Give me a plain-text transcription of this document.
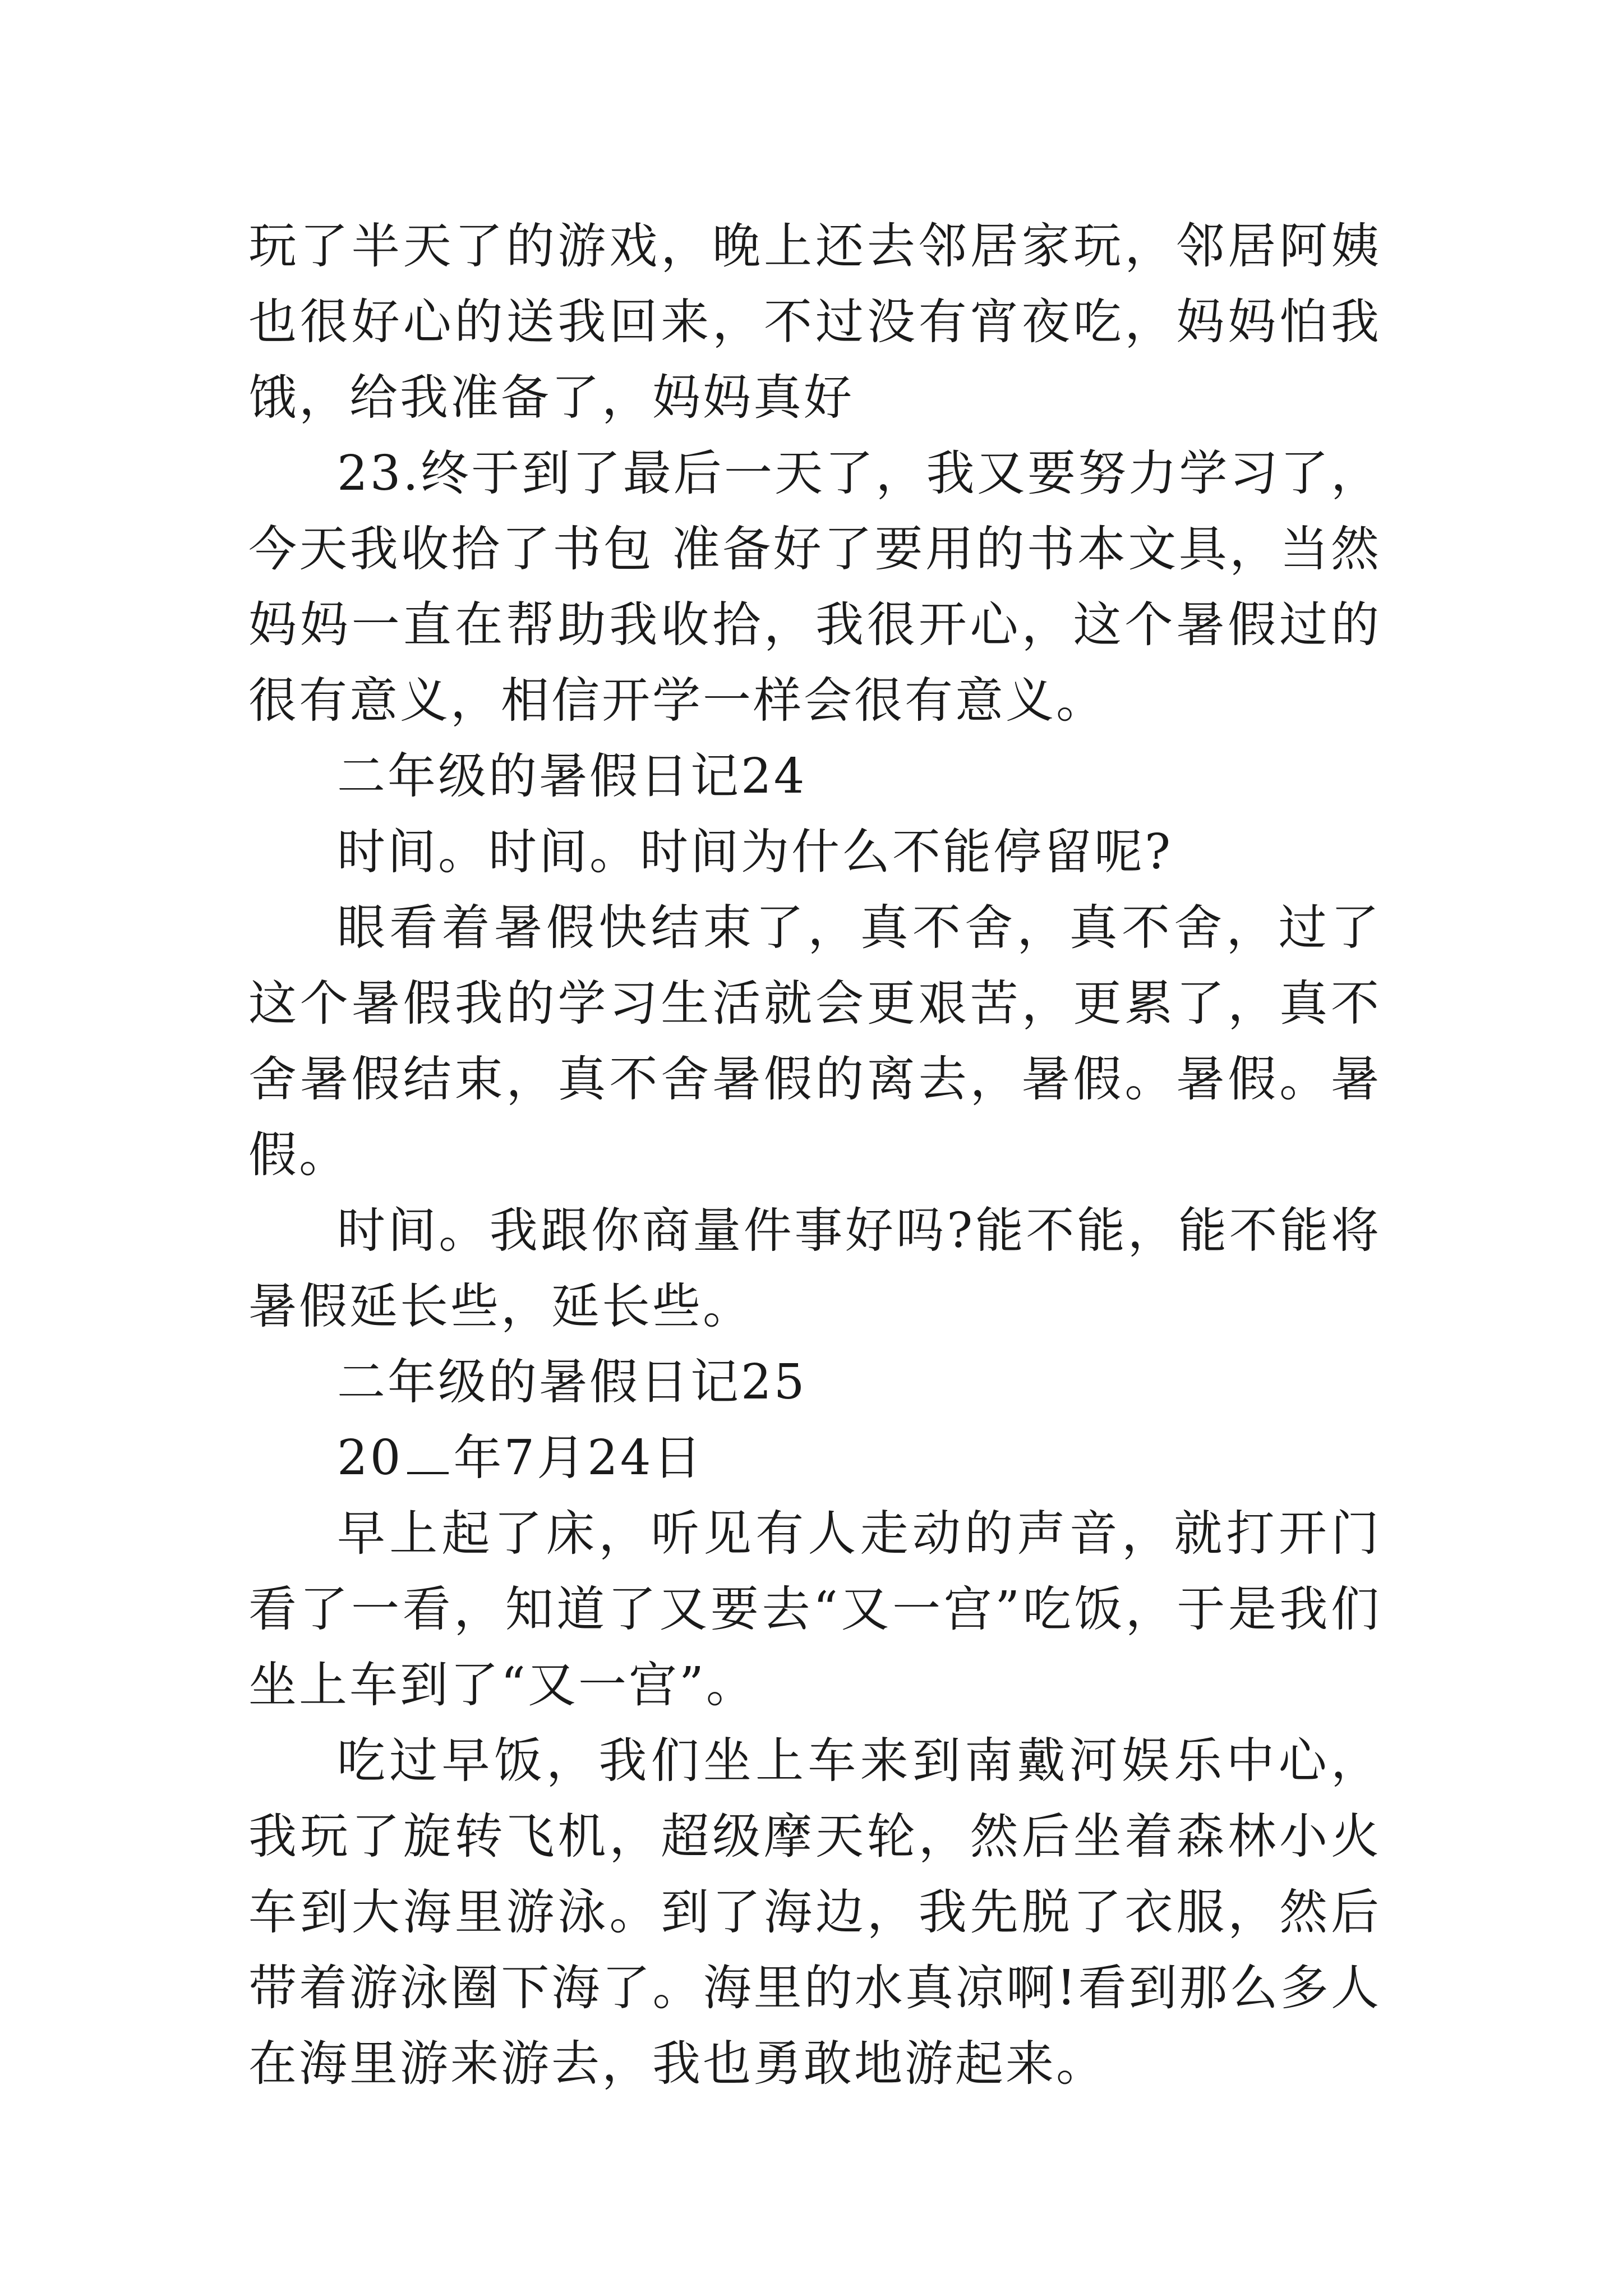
玩了半天了的游戏，晚上还去邻居家玩，邻居阿姨也很好心的送我回来，不过没有宵夜吃，妈妈怕我饿，给我准备了，妈妈真好

23.终于到了最后一天了，我又要努力学习了，今天我收拾了书包 准备好了要用的书本文具，当然妈妈一直在帮助我收拾，我很开心，这个暑假过的很有意义，相信开学一样会很有意义。

二年级的暑假日记24

时间。时间。时间为什么不能停留呢?

眼看着暑假快结束了，真不舍，真不舍，过了这个暑假我的学习生活就会更艰苦，更累了，真不舍暑假结束，真不舍暑假的离去，暑假。暑假。暑假。

时间。我跟你商量件事好吗?能不能，能不能将暑假延长些，延长些。

二年级的暑假日记25

20 年7月24日

早上起了床，听见有人走动的声音，就打开门看了一看，知道了又要去“又一宫”吃饭，于是我们坐上车到了“又一宫”。

吃过早饭，我们坐上车来到南戴河娱乐中心，我玩了旋转飞机，超级摩天轮，然后坐着森林小火车到大海里游泳。到了海边，我先脱了衣服，然后带着游泳圈下海了。海里的水真凉啊!看到那么多人在海里游来游去，我也勇敢地游起来。
